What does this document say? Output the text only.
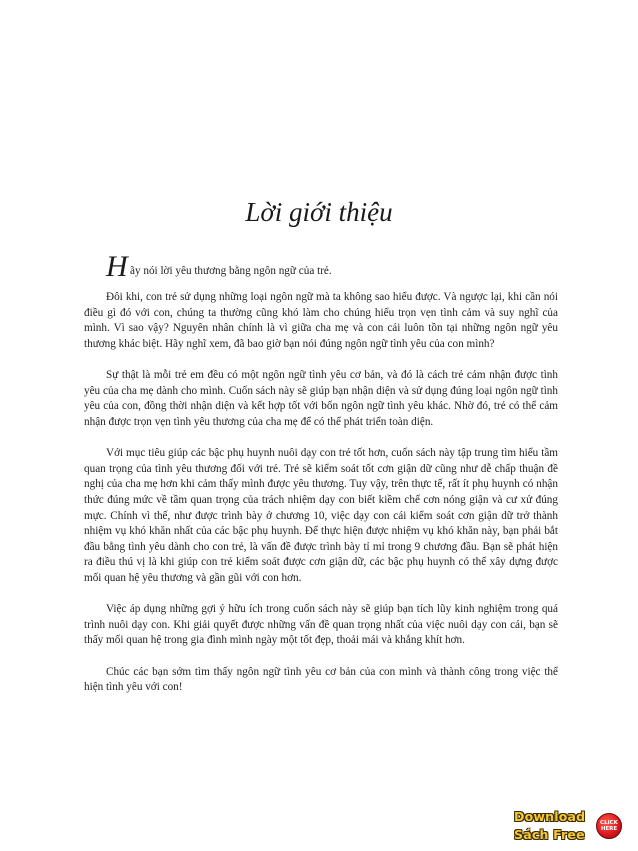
Lời giới thiệu
H ãy nói lời yêu thương bằng ngôn ngữ của trẻ.

Đôi khi, con trẻ sử dụng những loại ngôn ngữ mà ta không sao hiểu được. Và ngược lại, khi cần nói điều gì đó với con, chúng ta thường cũng khó làm cho chúng hiểu trọn vẹn tình cảm và suy nghĩ của mình. Vì sao vậy? Nguyên nhân chính là vì giữa cha mẹ và con cái luôn tồn tại những ngôn ngữ yêu thương khác biệt. Hãy nghĩ xem, đã bao giờ bạn nói đúng ngôn ngữ tình yêu của con mình?

Sự thật là mỗi trẻ em đều có một ngôn ngữ tình yêu cơ bản, và đó là cách trẻ cảm nhận được tình yêu của cha mẹ dành cho mình. Cuốn sách này sẽ giúp bạn nhận diện và sử dụng đúng loại ngôn ngữ tình yêu của con, đồng thời nhận diện và kết hợp tốt với bốn ngôn ngữ tình yêu khác. Nhờ đó, trẻ có thể cảm nhận được trọn vẹn tình yêu thương của cha mẹ để có thể phát triển toàn diện.

Với mục tiêu giúp các bậc phụ huynh nuôi dạy con trẻ tốt hơn, cuốn sách này tập trung tìm hiểu tầm quan trọng của tình yêu thương đối với trẻ. Trẻ sẽ kiểm soát tốt cơn giận dữ cũng như dễ chấp thuận đề nghị của cha mẹ hơn khi cảm thấy mình được yêu thương. Tuy vậy, trên thực tế, rất ít phụ huynh có nhận thức đúng mức về tầm quan trọng của trách nhiệm dạy con biết kiềm chế cơn nóng giận và cư xử đúng mực. Chính vì thế, như được trình bày ở chương 10, việc dạy con cái kiểm soát cơn giận dữ trở thành nhiệm vụ khó khăn nhất của các bậc phụ huynh. Để thực hiện được nhiệm vụ khó khăn này, bạn phải bắt đầu bằng tình yêu dành cho con trẻ, là vấn đề được trình bày tỉ mỉ trong 9 chương đầu. Bạn sẽ phát hiện ra điều thú vị là khi giúp con trẻ kiểm soát được cơn giận dữ, các bậc phụ huynh có thể xây dựng được mối quan hệ yêu thương và gần gũi với con hơn.

Việc áp dụng những gợi ý hữu ích trong cuốn sách này sẽ giúp bạn tích lũy kinh nghiệm trong quá trình nuôi dạy con. Khi giải quyết được những vấn đề quan trọng nhất của việc nuôi dạy con cái, bạn sẽ thấy mối quan hệ trong gia đình mình ngày một tốt đẹp, thoải mái và khắng khít hơn.

Chúc các bạn sớm tìm thấy ngôn ngữ tình yêu cơ bản của con mình và thành công trong việc thể hiện tình yêu với con!

Download
Sách Free
CLICK HERE
